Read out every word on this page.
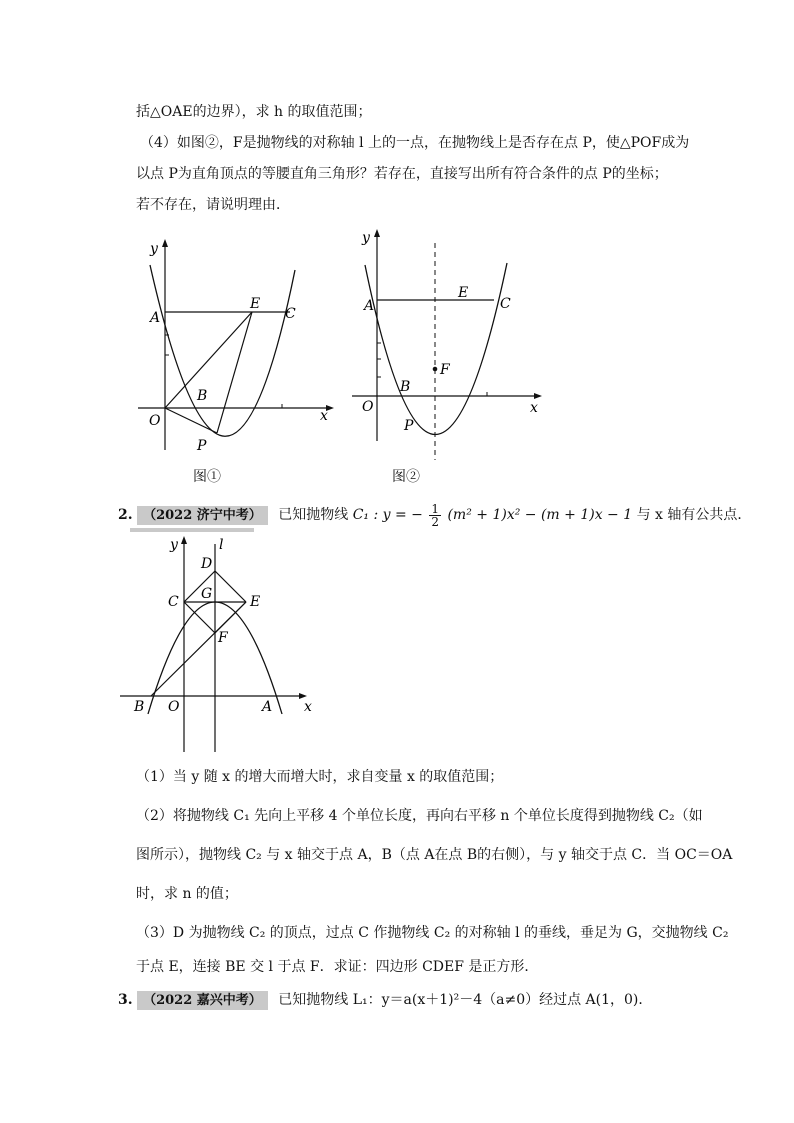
括△OAE的边界），求 h 的取值范围；
（4）如图②，F是抛物线的对称轴 l 上的一点，在抛物线上是否存在点 P，使△POF成为
以点 P为直角顶点的等腰直角三角形？若存在，直接写出所有符合条件的点 P的坐标；
若不存在，请说明理由．
y
A
E
C
B
O	x
P
图①
y
A
E
C
F
B
O	x
P
图②
2. （2022 济宁中考） 已知抛物线 C₁ : y = − $\frac{1}{2} (m^2 + 1)x^2 - (m + 1)x - 1$ 与 x 轴有公共点．
y	l
D
C G	E
F
B O	A x
（1）当 y 随 x 的增大而增大时，求自变量 x 的取值范围；
（2）将抛物线 C₁ 先向上平移 4 个单位长度，再向右平移 n 个单位长度得到抛物线 C₂（如
图所示），抛物线 C₂ 与 x 轴交于点 A，B（点 A在点 B的右侧），与 y 轴交于点 C．当 OC＝OA
时，求 n 的值；
（3）D 为抛物线 C₂ 的顶点，过点 C 作抛物线 C₂ 的对称轴 l 的垂线，垂足为 G，交抛物线 C₂
于点 E，连接 BE 交 l 于点 F．求证：四边形 CDEF 是正方形．
3. （2022 嘉兴中考） 已知抛物线 L₁：y＝a(x＋1)²－4（a≠0）经过点 A(1，0)．
